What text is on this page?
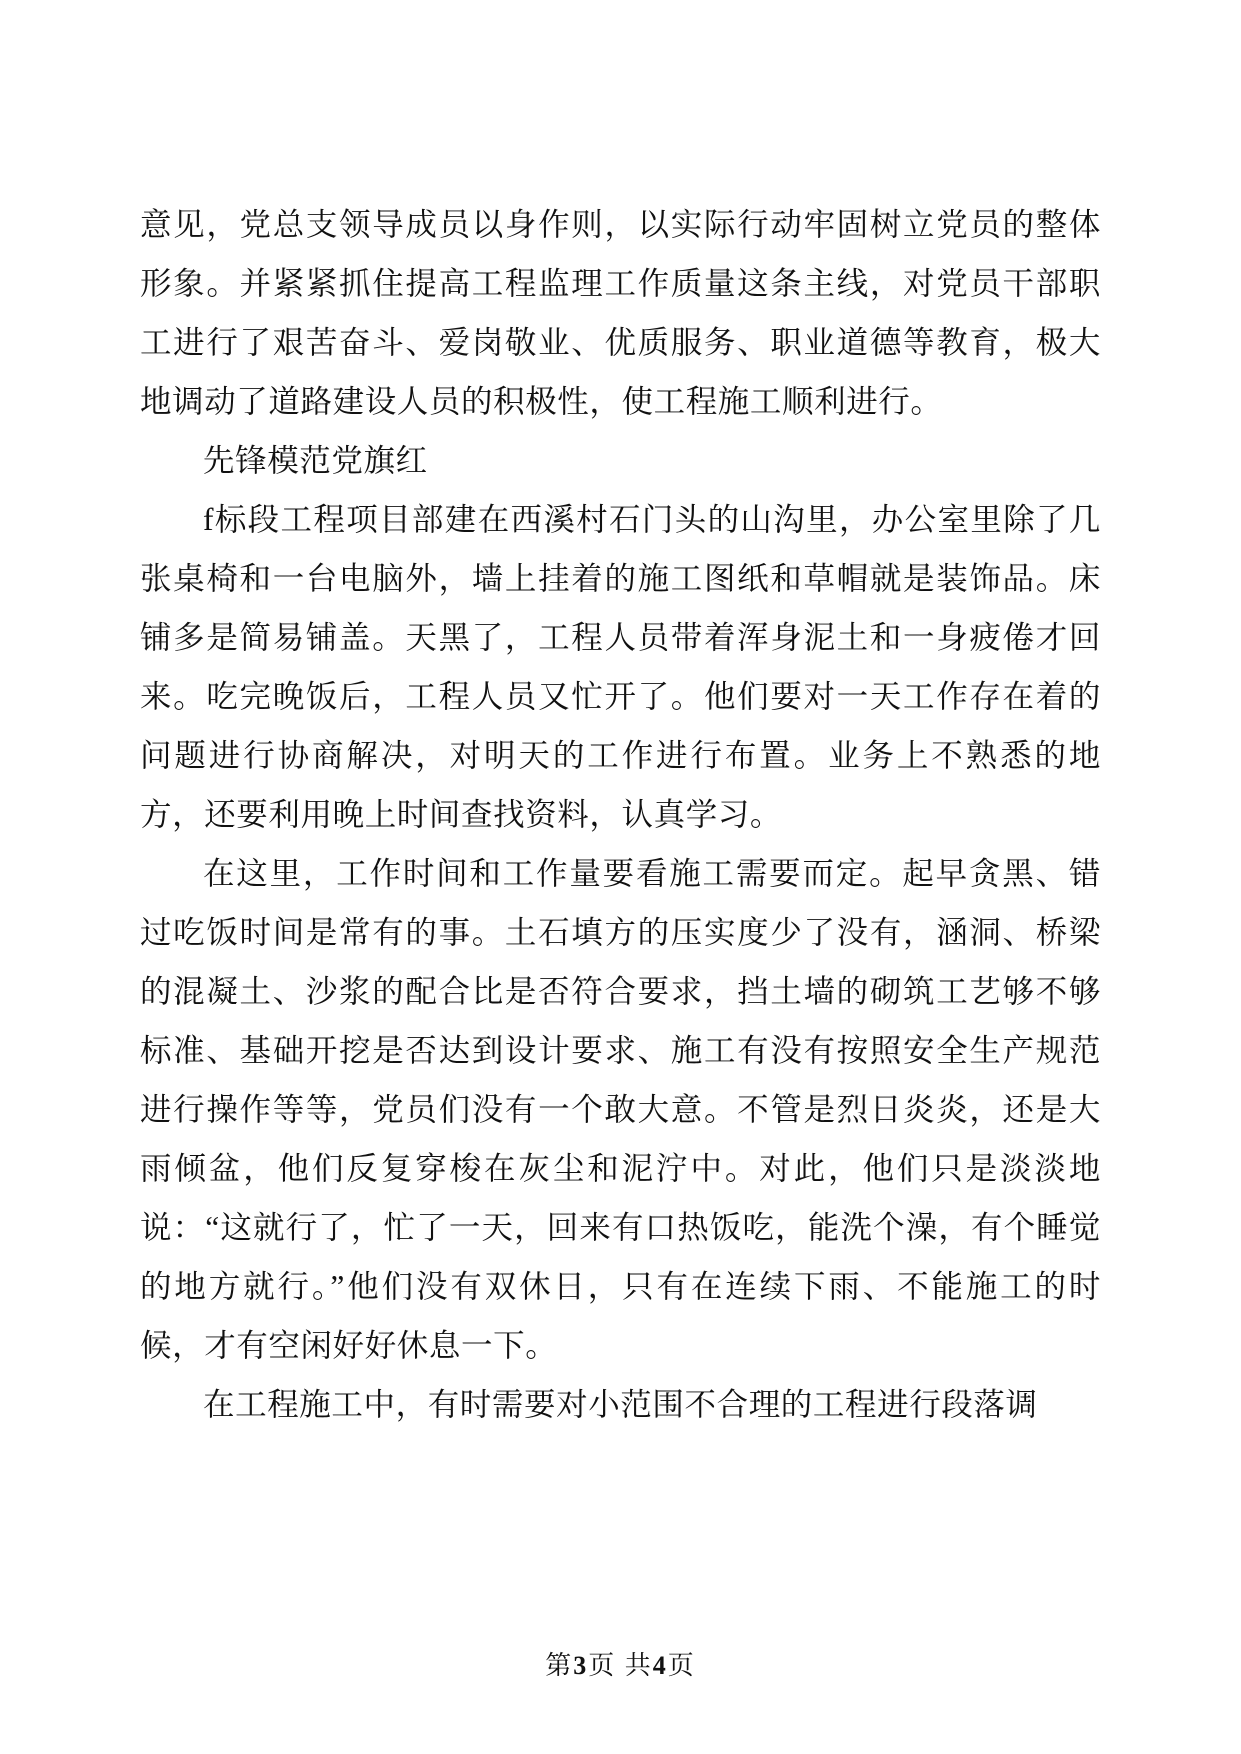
意见，党总支领导成员以身作则，以实际行动牢固树立党员的整体形象。并紧紧抓住提高工程监理工作质量这条主线，对党员干部职工进行了艰苦奋斗、爱岗敬业、优质服务、职业道德等教育，极大地调动了道路建设人员的积极性，使工程施工顺利进行。

先锋模范党旗红

f标段工程项目部建在西溪村石门头的山沟里，办公室里除了几张桌椅和一台电脑外，墙上挂着的施工图纸和草帽就是装饰品。床铺多是简易铺盖。天黑了，工程人员带着浑身泥土和一身疲倦才回来。吃完晚饭后，工程人员又忙开了。他们要对一天工作存在着的问题进行协商解决，对明天的工作进行布置。业务上不熟悉的地方，还要利用晚上时间查找资料，认真学习。

在这里，工作时间和工作量要看施工需要而定。起早贪黑、错过吃饭时间是常有的事。土石填方的压实度少了没有，涵洞、桥梁的混凝土、沙浆的配合比是否符合要求，挡土墙的砌筑工艺够不够标准、基础开挖是否达到设计要求、施工有没有按照安全生产规范进行操作等等，党员们没有一个敢大意。不管是烈日炎炎，还是大雨倾盆，他们反复穿梭在灰尘和泥泞中。对此，他们只是淡淡地说：“这就行了，忙了一天，回来有口热饭吃，能洗个澡，有个睡觉的地方就行。”他们没有双休日，只有在连续下雨、不能施工的时候，才有空闲好好休息一下。

在工程施工中，有时需要对小范围不合理的工程进行段落调

第3页 共4页
